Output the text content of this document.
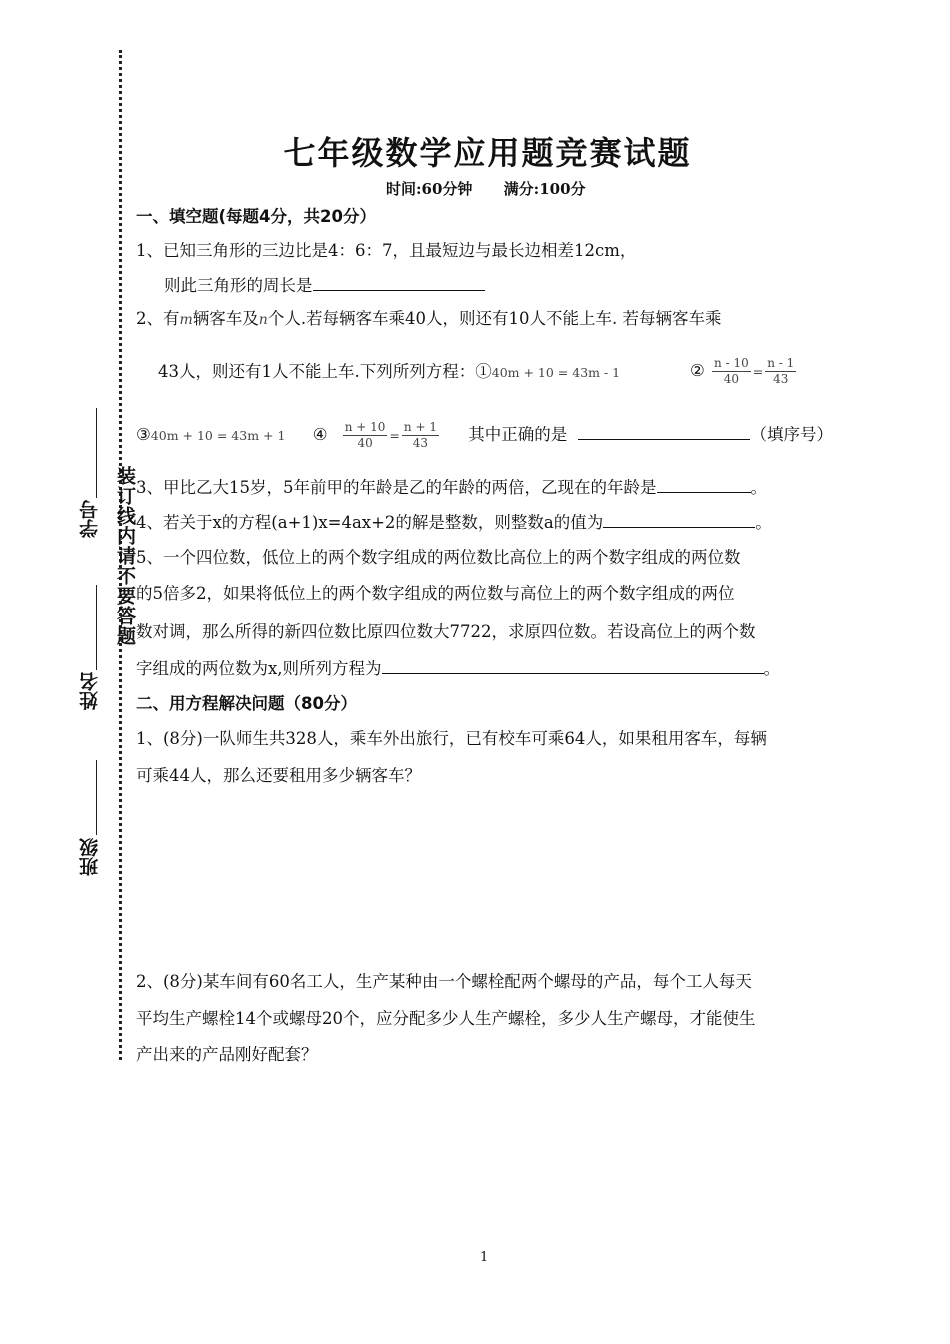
学号
姓名
班级
装订线内请不要答题
七年级数学应用题竞赛试题
时间:60分钟 满分:100分
一、填空题(每题4分，共20分）
1、已知三角形的三边比是4：6：7，且最短边与最长边相差12cm，
则此三角形的周长是
2、有m辆客车及n个人.若每辆客车乘40人，则还有10人不能上车. 若每辆客车乘
43人，则还有1人不能上车.下列所列方程：①40m + 10 = 43m - 1	② $\frac{n - 10}{40} = \frac{n - 1}{43}$
③40m + 10 = 43m + 1 ④ $\frac{n + 10}{40} = \frac{n + 1}{43}$ 其中正确的是	（填序号）
3、甲比乙大15岁，5年前甲的年龄是乙的年龄的两倍，乙现在的年龄是	。
4、若关于x的方程(a+1)x=4ax+2的解是整数，则整数a的值为	。
5、一个四位数，低位上的两个数字组成的两位数比高位上的两个数字组成的两位数
的5倍多2，如果将低位上的两个数字组成的两位数与高位上的两个数字组成的两位
数对调，那么所得的新四位数比原四位数大7722，求原四位数。若设高位上的两个数
字组成的两位数为x,则所列方程为	。
二、用方程解决问题（80分）
1、(8分)一队师生共328人，乘车外出旅行，已有校车可乘64人，如果租用客车，每辆
可乘44人，那么还要租用多少辆客车？
2、(8分)某车间有60名工人，生产某种由一个螺栓配两个螺母的产品，每个工人每天
平均生产螺栓14个或螺母20个，应分配多少人生产螺栓，多少人生产螺母，才能使生
产出来的产品刚好配套？
1
